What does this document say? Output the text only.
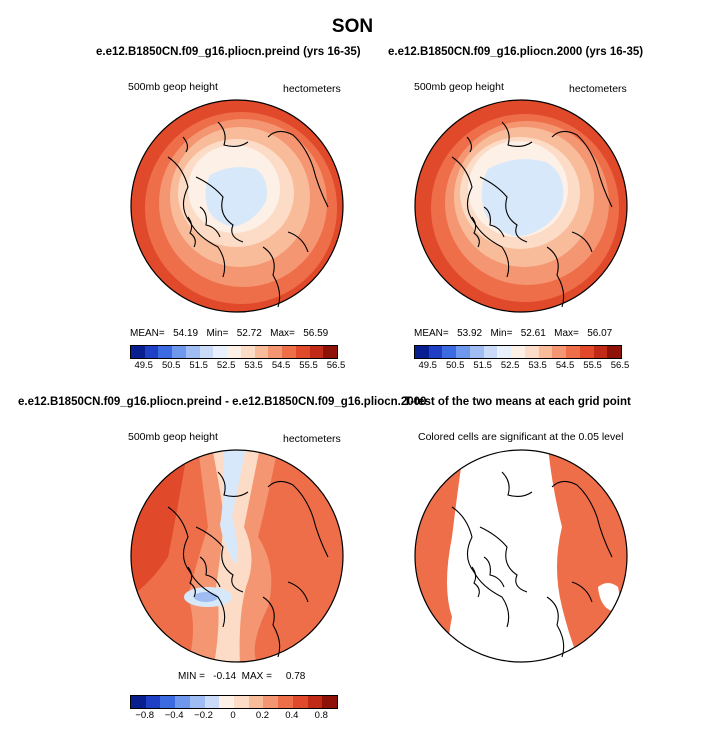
SON
e.e12.B1850CN.f09_g16.pliocn.preind (yrs 16-35)
500mb geop height	hectometers
MEAN= 54.19 Min= 52.72 Max= 56.59
49.5 50.5 51.5 52.5 53.5 54.5 55.5 56.5
e.e12.B1850CN.f09_g16.pliocn.2000 (yrs 16-35)
500mb geop height	hectometers
MEAN= 53.92 Min= 52.61 Max= 56.07
49.5 50.5 51.5 52.5 53.5 54.5 55.5 56.5
e.e12.B1850CN.f09_g16.pliocn.preind - e.e12.B1850CN.f09_g16.pliocn.2000
500mb geop height	hectometers
MIN = -0.14 MAX = 0.78
−0.8 −0.4 −0.2 0 0.2 0.4 0.8
T-test of the two means at each grid point
Colored cells are significant at the 0.05 level
